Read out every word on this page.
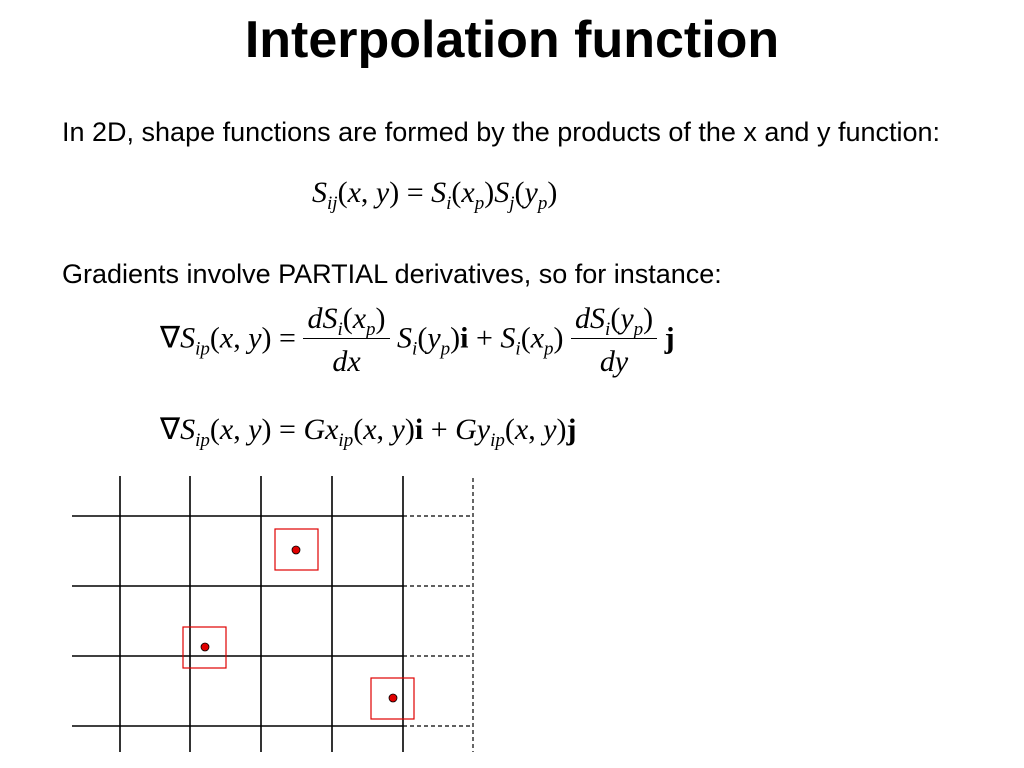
Interpolation function
In 2D, shape functions are formed by the products of the x and y function:
$S_{ij}(x$, $y) = S_i(x_p)S_j(y_p)$
Gradients involve PARTIAL derivatives, so for instance:
$\nabla S_{ip}(x$, $y) = \frac{dS_i(x_p)}{dx} S_i(y_p)i + S_i(x_p) \frac{dS_i(y_p)}{dy}$ j
$\nabla S_{ip}(x$, $y) = Gx_{ip}(x$, $y)i + Gy_{ip}(x$, y)j
